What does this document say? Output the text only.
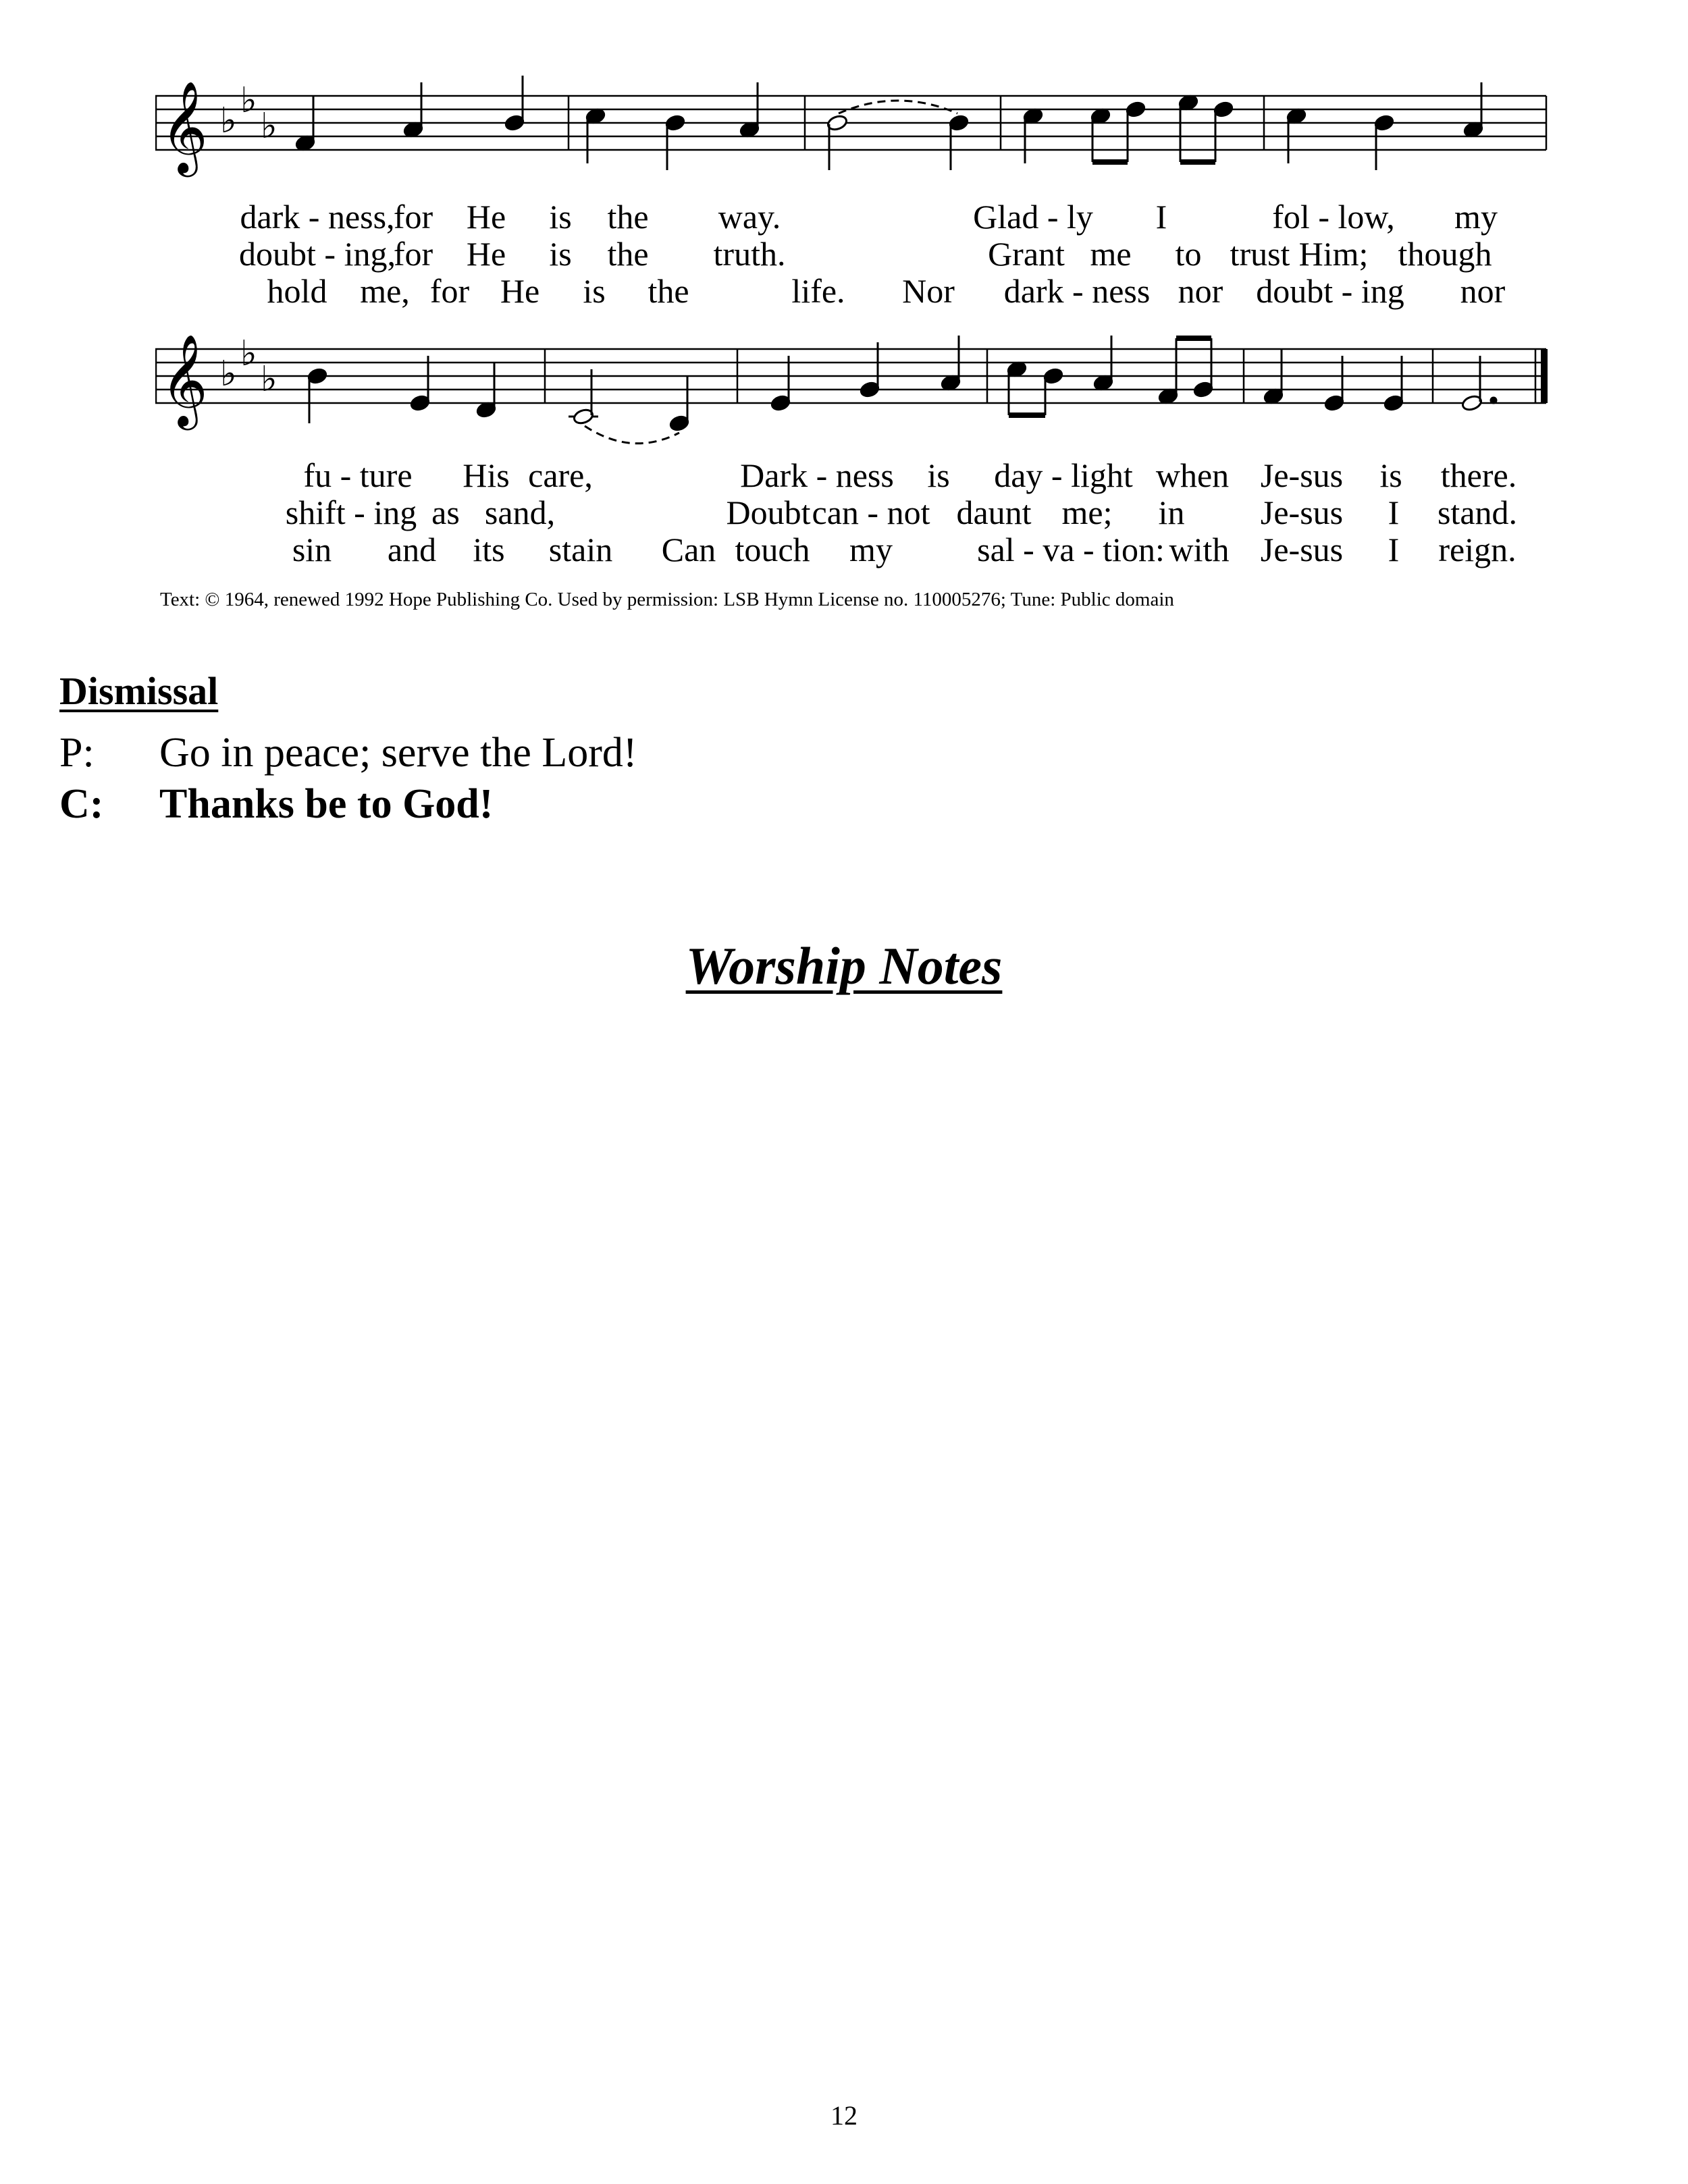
𝄞 ♭ ♭
♭
dark - ness,
for He is the way.	Glad - ly I	fol - low, my
doubt - ing,
for He is the truth.	Grant me to trust Him; though
hold me, for He is the	life. Nor dark - ness nor doubt - ing nor
𝄞 ♭ ♭
♭
fu - ture His care,	Dark - ness is day - light when Je-sus is there.
shift - ing as sand,	Doubt can - not daunt me; in Je-sus I stand.
sin and its stain Can touch my	sal - va - tion: with Je-sus I reign.
Text: © 1964, renewed 1992 Hope Publishing Co. Used by permission: LSB Hymn License no. 110005276; Tune: Public domain
Dismissal
P: Go in peace; serve the Lord!
C: Thanks be to God!
Worship Notes
12
